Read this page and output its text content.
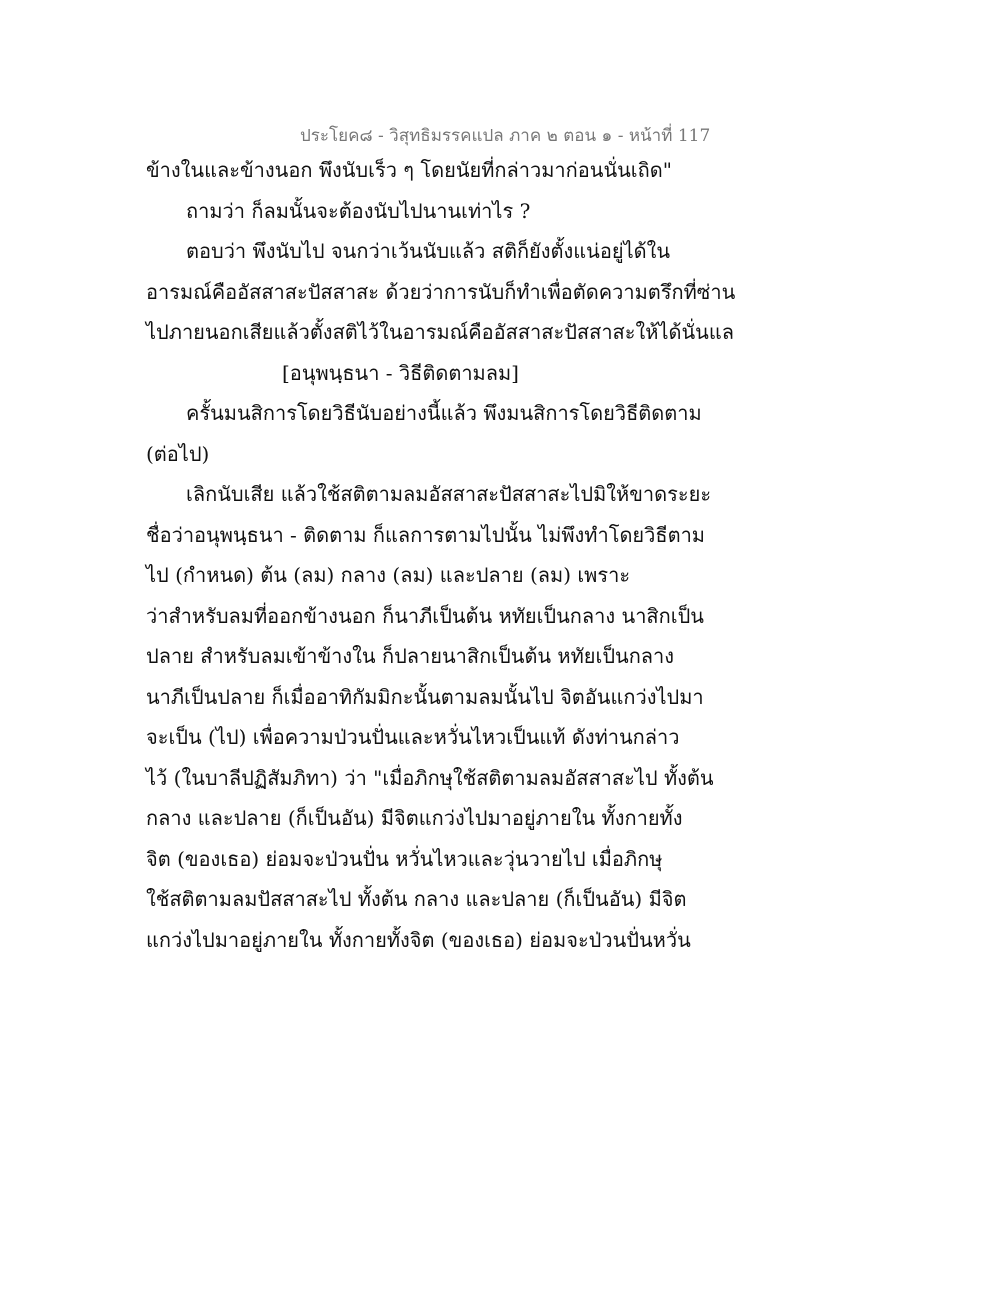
ประโยค๘ - วิสุทธิมรรคแปล ภาค ๒ ตอน ๑ - หน้าที่ 117
ข้างในและข้างนอก พึงนับเร็ว ๆ โดยนัยที่กล่าวมาก่อนนั่นเถิด"
ถามว่า ก็ลมนั้นจะต้องนับไปนานเท่าไร ?
ตอบว่า พึงนับไป จนกว่าเว้นนับแล้ว สติก็ยังตั้งแน่อยู่ได้ใน
อารมณ์คืออัสสาสะปัสสาสะ ด้วยว่าการนับก็ทำเพื่อตัดความตรึกที่ซ่าน
ไปภายนอกเสียแล้วตั้งสติไว้ในอารมณ์คืออัสสาสะปัสสาสะให้ได้นั่นแล
[อนุพนฺธนา - วิธีติดตามลม]
ครั้นมนสิการโดยวิธีนับอย่างนี้แล้ว พึงมนสิการโดยวิธีติดตาม
(ต่อไป)
เลิกนับเสีย แล้วใช้สติตามลมอัสสาสะปัสสาสะไปมิให้ขาดระยะ
ชื่อว่าอนุพนฺธนา - ติดตาม ก็แลการตามไปนั้น ไม่พึงทำโดยวิธีตาม
ไป (กำหนด) ต้น (ลม) กลาง (ลม) และปลาย (ลม) เพราะ
ว่าสำหรับลมที่ออกข้างนอก ก็นาภีเป็นต้น หทัยเป็นกลาง นาสิกเป็น
ปลาย สำหรับลมเข้าข้างใน ก็ปลายนาสิกเป็นต้น หทัยเป็นกลาง
นาภีเป็นปลาย ก็เมื่ออาทิกัมมิกะนั้นตามลมนั้นไป จิตอันแกว่งไปมา
จะเป็น (ไป) เพื่อความป่วนปั่นและหวั่นไหวเป็นแท้ ดังท่านกล่าว
ไว้ (ในบาลีปฏิสัมภิทา) ว่า "เมื่อภิกษุใช้สติตามลมอัสสาสะไป ทั้งต้น
กลาง และปลาย (ก็เป็นอัน) มีจิตแกว่งไปมาอยู่ภายใน ทั้งกายทั้ง
จิต (ของเธอ) ย่อมจะป่วนปั่น หวั่นไหวและวุ่นวายไป เมื่อภิกษุ
ใช้สติตามลมปัสสาสะไป ทั้งต้น กลาง และปลาย (ก็เป็นอัน) มีจิต
แกว่งไปมาอยู่ภายใน ทั้งกายทั้งจิต (ของเธอ) ย่อมจะป่วนปั่นหวั่น
